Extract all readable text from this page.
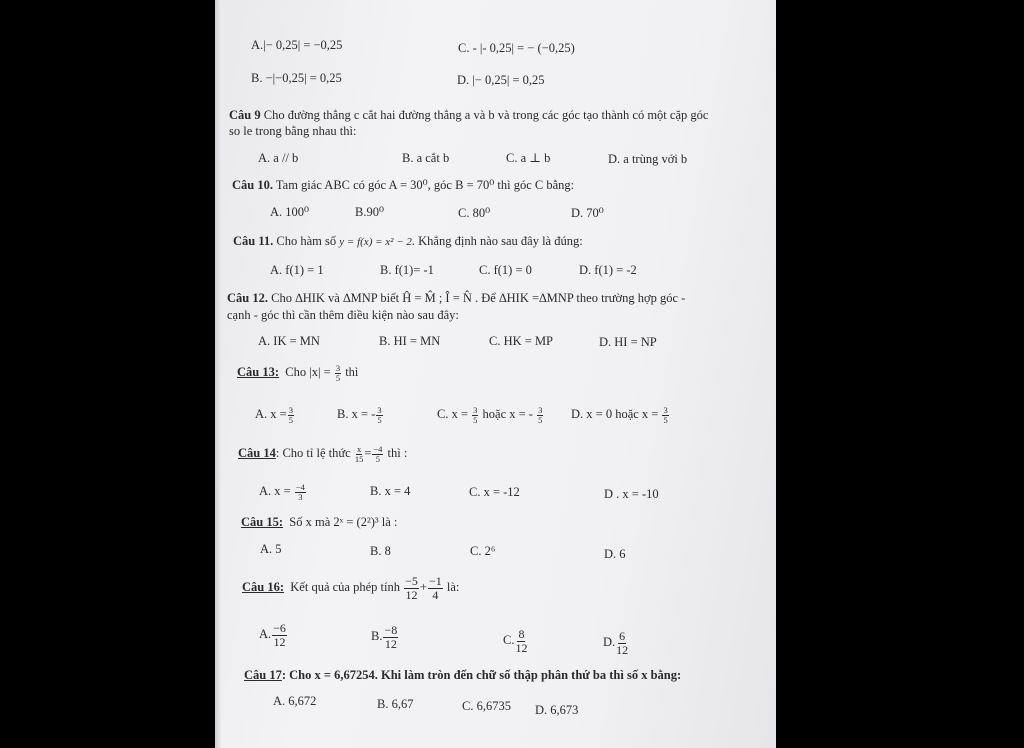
A.|− 0,25| = −0,25	C. - |- 0,25| = − (−0,25)
B. −|−0,25| = 0,25	D. |− 0,25| = 0,25
Câu 9 Cho đường thẳng c cắt hai đường thẳng a và b và trong các góc tạo thành có một cặp góc
so le trong bằng nhau thì:
A. a // b	B. a cắt b	C. a ⊥ b	D. a trùng với b
Câu 10. Tam giác ABC có góc A = 30⁰, góc B = 70⁰ thì góc C bằng:
A. 100⁰	B.90⁰	C. 80⁰	D. 70⁰
Câu 11. Cho hàm số y = f(x) = x² − 2. Khẳng định nào sau đây là đúng:
A. f(1) = 1	B. f(1)= -1	C. f(1) = 0	D. f(1) = -2
Câu 12. Cho ∆HIK và ∆MNP biết Ĥ = M̂ ; Î = N̂ . Để ∆HIK =∆MNP theo trường hợp góc -
cạnh - góc thì cần thêm điều kiện nào sau đây:
A. IK = MN	B. HI = MN	C. HK = MP	D. HI = NP
Câu 13: Cho $|x| = \frac{3}{5}$ thì
A. $x = \frac{3}{5}$	B. x = - $\frac{3}{5}$	C. $x = \frac{3}{5}$ hoặc x = - $\frac{3}{5} D$. x = 0 hoặc $x = \frac{3}{5}$
Câu 14: Cho tỉ lệ thức $\frac{x}{15} = \frac{-4}{5}$ thì :
A. $x = \frac{-4}{3}$	B. x = 4	C. x = -12	D . x = -10
Câu 15: Số x mà 2ˣ = (2²)³ là :
A. 5	B. 8	C. 2⁶	D. 6
Câu 16: Kết quả của phép tính $\frac{-5}{12} + \frac{-1}{4}$ là:
A. $\frac{-6}{12}$	B. $\frac{-8}{12}$	C. $\frac{8}{12}$	D. $\frac{6}{12}$
Câu 17: Cho x = 6,67254. Khi làm tròn đến chữ số thập phân thứ ba thì số x bằng:
A. 6,672	B. 6,67	C. 6,6735 D. 6,673
